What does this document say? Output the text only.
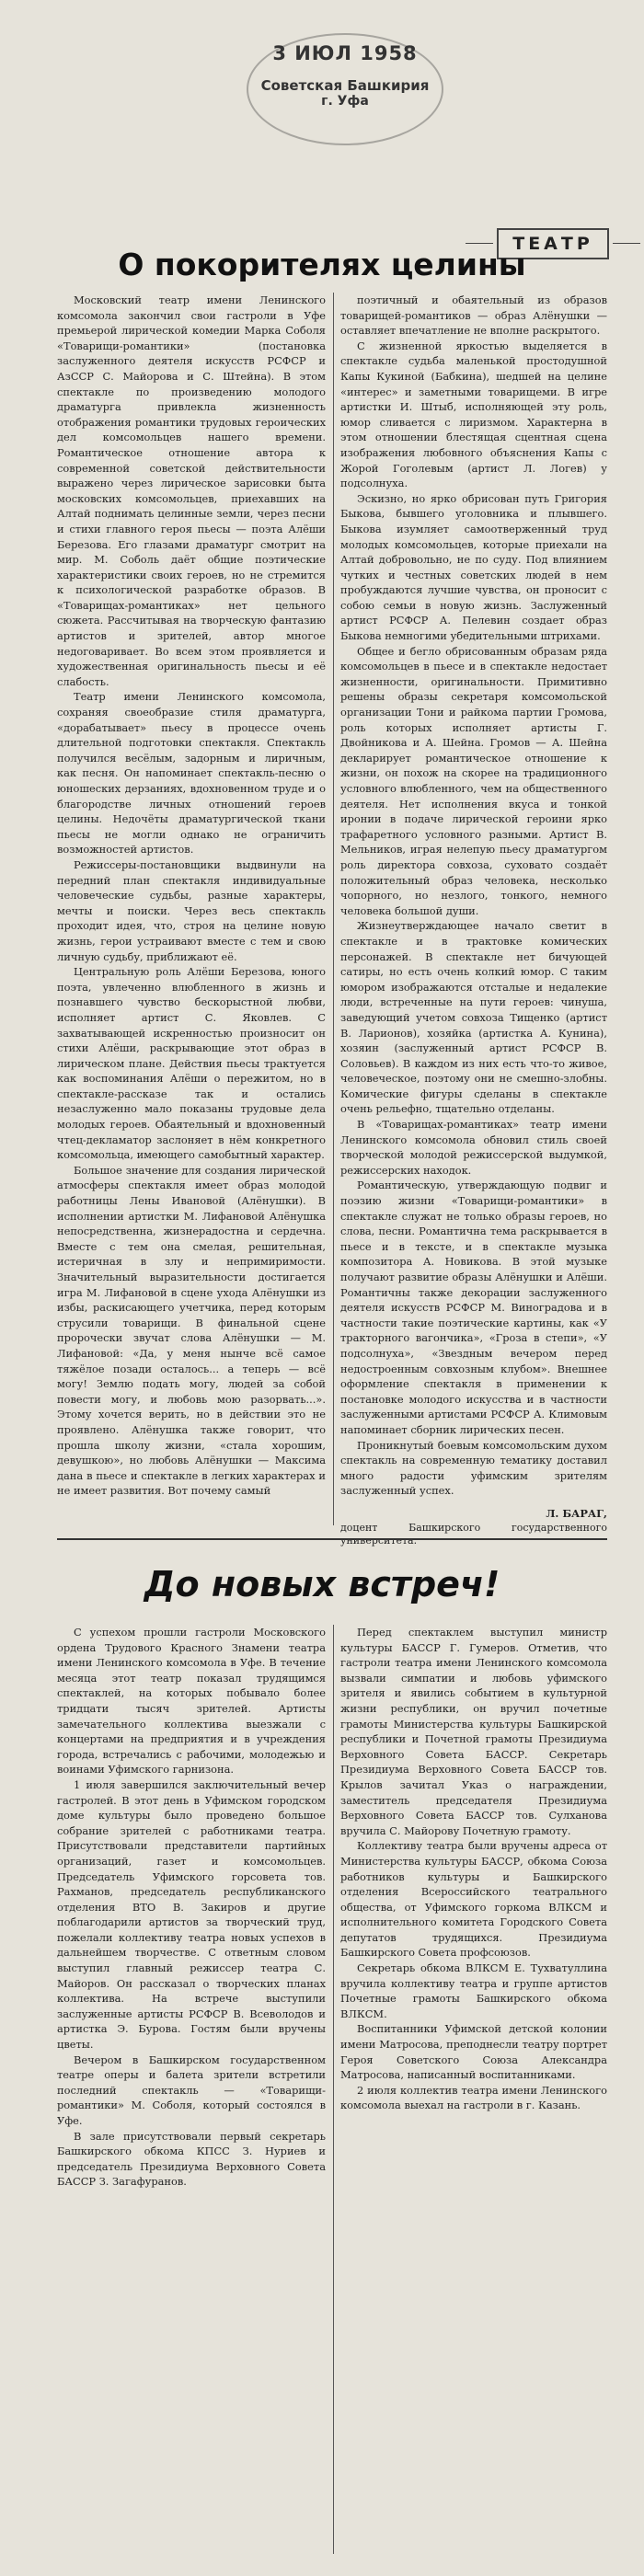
3 ИЮЛ 1958
Советская Башкирия
г. Уфа
ТЕАТР
О покорителях целины

Московский театр имени Ленинского комсомола закончил свои гастроли в Уфе премьерой лирической комедии Марка Соболя «Товарищи-романтики» (постановка заслуженного деятеля искусств РСФСР и АзССР С. Майорова и С. Штейна). В этом спектакле по произведению молодого драматурга привлекла жизненность отображения романтики трудовых героических дел комсомольцев нашего времени. Романтическое отношение автора к современной советской действительности выражено через лирическое зарисовки быта московских комсомольцев, приехавших на Алтай поднимать целинные земли, через песни и стихи главного героя пьесы — поэта Алёши Березова. Его глазами драматург смотрит на мир. М. Соболь даёт общие поэтические характеристики своих героев, но не стремится к психологической разработке образов. В «Товарищах-романтиках» нет цельного сюжета. Рассчитывая на творческую фантазию артистов и зрителей, автор многое недоговаривает. Во всем этом проявляется и художественная оригинальность пьесы и её слабость.

Театр имени Ленинского комсомола, сохраняя своеобразие стиля драматурга, «дорабатывает» пьесу в процессе очень длительной подготовки спектакля. Спектакль получился весёлым, задорным и лиричным, как песня. Он напоминает спектакль-песню о юношеских дерзаниях, вдохновенном труде и о благородстве личных отношений героев целины. Недочёты драматургической ткани пьесы не могли однако не ограничить возможностей артистов.

Режиссеры-постановщики выдвинули на передний план спектакля индивидуальные человеческие судьбы, разные характеры, мечты и поиски. Через весь спектакль проходит идея, что, строя на целине новую жизнь, герои устраивают вместе с тем и свою личную судьбу, приближают её.

Центральную роль Алёши Березова, юного поэта, увлеченно влюбленного в жизнь и познавшего чувство бескорыстной любви, исполняет артист С. Яковлев. С захватывающей искренностью произносит он стихи Алёши, раскрывающие этот образ в лирическом плане. Действия пьесы трактуется как воспоминания Алёши о пережитом, но в спектакле-рассказе так и остались незаслуженно мало показаны трудовые дела молодых героев. Обаятельный и вдохновенный чтец-декламатор заслоняет в нём конкретного комсомольца, имеющего самобытный характер.

Большое значение для создания лирической атмосферы спектакля имеет образ молодой работницы Лены Ивановой (Алёнушки). В исполнении артистки М. Лифановой Алёнушка непосредственна, жизнерадостна и сердечна. Вместе с тем она смелая, решительная, истеричная в злу и непримиримости. Значительный выразительности достигается игра М. Лифановой в сцене ухода Алёнушки из избы, раскисающего учетчика, перед которым струсили товарищи. В финальной сцене пророчески звучат слова Алёнушки — М. Лифановой: «Да, у меня нынче всё самое тяжёлое позади осталось... а теперь — всё могу! Землю подать могу, людей за собой повести могу, и любовь мою разорвать...». Этому хочется верить, но в действии это не проявлено. Алёнушка также говорит, что прошла школу жизни, «стала хорошим, девушкою», но любовь Алёнушки — Максима дана в пьесе и спектакле в легких характерах и не имеет развития. Вот почему самый

поэтичный и обаятельный из образов товарищей-романтиков — образ Алёнушки — оставляет впечатление не вполне раскрытого.

С жизненной яркостью выделяется в спектакле судьба маленькой простодушной Капы Кукиной (Бабкина), шедшей на целине «интерес» и заметными товарищеми. В игре артистки И. Штыб, исполняющей эту роль, юмор сливается с лиризмом. Характерна в этом отношении блестящая сцентная сцена изображения любовного объяснения Капы с Жорой Гоголевым (артист Л. Логев) у подсолнуха.

Эскизно, но ярко обрисован путь Григория Быкова, бывшего уголовника и плывшего. Быкова изумляет самоотверженный труд молодых комсомольцев, которые приехали на Алтай добровольно, не по суду. Под влиянием чутких и честных советских людей в нем пробуждаются лучшие чувства, он проносит с собою семьи в новую жизнь. Заслуженный артист РСФСР А. Пелевин создает образ Быкова немногими убедительными штрихами.

Общее и бегло обрисованным образам ряда комсомольцев в пьесе и в спектакле недостает жизненности, оригинальности. Примитивно решены образы секретаря комсомольской организации Тони и райкома партии Громова, роль которых исполняет артисты Г. Двойникова и А. Шейна. Громов — А. Шейна декларирует романтическое отношение к жизни, он похож на скорее на традиционного условного влюбленного, чем на общественного деятеля. Нет исполнения вкуса и тонкой иронии в подаче лирической героини ярко трафаретного условного разными. Артист В. Мельников, играя нелепую пьесу драматургом роль директора совхоза, суховато создаёт положительный образ человека, несколько чопорного, но незлого, тонкого, немного человека большой души.

Жизнеутверждающее начало светит в спектакле и в трактовке комических персонажей. В спектакле нет бичующей сатиры, но есть очень колкий юмор. С таким юмором изображаются отсталые и недалекие люди, встреченные на пути героев: чинуша, заведующий учетом совхоза Тищенко (артист В. Ларионов), хозяйка (артистка А. Кунина), хозяин (заслуженный артист РСФСР В. Соловьев). В каждом из них есть что-то живое, человеческое, поэтому они не смешно-злобны. Комические фигуры сделаны в спектакле очень рельефно, тщательно отделаны.

В «Товарищах-романтиках» театр имени Ленинского комсомола обновил стиль своей творческой молодой режиссерской выдумкой, режиссерских находок.

Романтическую, утверждающую подвиг и поэзию жизни «Товарищи-романтики» в спектакле служат не только образы героев, но слова, песни. Романтична тема раскрывается в пьесе и в тексте, и в спектакле музыка композитора А. Новикова. В этой музыке получают развитие образы Алёнушки и Алёши. Романтичны также декорации заслуженного деятеля искусств РСФСР М. Виноградова и в частности такие поэтические картины, как «У тракторного вагончика», «Гроза в степи», «У подсолнуха», «Звездным вечером перед недостроенным совхозным клубом». Внешнее оформление спектакля в применении к постановке молодого искусства и в частности заслуженными артистами РСФСР А. Климовым напоминает сборник лирических песен.

Проникнутый боевым комсомольским духом спектакль на современную тематику доставил много радости уфимским зрителям заслуженный успех.

Л. БАРАГ,

доцент Башкирского государственного университета.

До новых встреч!

С успехом прошли гастроли Московского ордена Трудового Красного Знамени театра имени Ленинского комсомола в Уфе. В течение месяца этот театр показал трудящимся спектаклей, на которых побывало более тридцати тысяч зрителей. Артисты замечательного коллектива выезжали с концертами на предприятия и в учреждения города, встречались с рабочими, молодежью и воинами Уфимского гарнизона.

1 июля завершился заключительный вечер гастролей. В этот день в Уфимском городском доме культуры было проведено большое собрание зрителей с работниками театра. Присутствовали представители партийных организаций, газет и комсомольцев. Председатель Уфимского горсовета тов. Рахманов, председатель республиканского отделения ВТО В. Закиров и другие поблагодарили артистов за творческий труд, пожелали коллективу театра новых успехов в дальнейшем творчестве. С ответным словом выступил главный режиссер театра С. Майоров. Он рассказал о творческих планах коллектива. На встрече выступили заслуженные артисты РСФСР В. Всеволодов и артистка Э. Бурова. Гостям были вручены цветы.

Вечером в Башкирском государственном театре оперы и балета зрители встретили последний спектакль — «Товарищи-романтики» М. Соболя, который состоялся в Уфе.

В зале присутствовали первый секретарь Башкирского обкома КПСС З. Нуриев и председатель Президиума Верховного Совета БАССР З. Загафуранов.

Перед спектаклем выступил министр культуры БАССР Г. Гумеров. Отметив, что гастроли театра имени Ленинского комсомола вызвали симпатии и любовь уфимского зрителя и явились событием в культурной жизни республики, он вручил почетные грамоты Министерства культуры Башкирской республики и Почетной грамоты Президиума Верховного Совета БАССР. Секретарь Президиума Верховного Совета БАССР тов. Крылов зачитал Указ о награждении, заместитель председателя Президиума Верховного Совета БАССР тов. Сулханова вручила С. Майорову Почетную грамоту.

Коллективу театра были вручены адреса от Министерства культуры БАССР, обкома Союза работников культуры и Башкирского отделения Всероссийского театрального общества, от Уфимского горкома ВЛКСМ и исполнительного комитета Городского Совета депутатов трудящихся. Президиума Башкирского Совета профсоюзов.

Секретарь обкома ВЛКСМ Е. Тухватуллина вручила коллективу театра и группе артистов Почетные грамоты Башкирского обкома ВЛКСМ.

Воспитанники Уфимской детской колонии имени Матросова, преподнесли театру портрет Героя Советского Союза Александра Матросова, написанный воспитанниками.

2 июля коллектив театра имени Ленинского комсомола выехал на гастроли в г. Казань.
